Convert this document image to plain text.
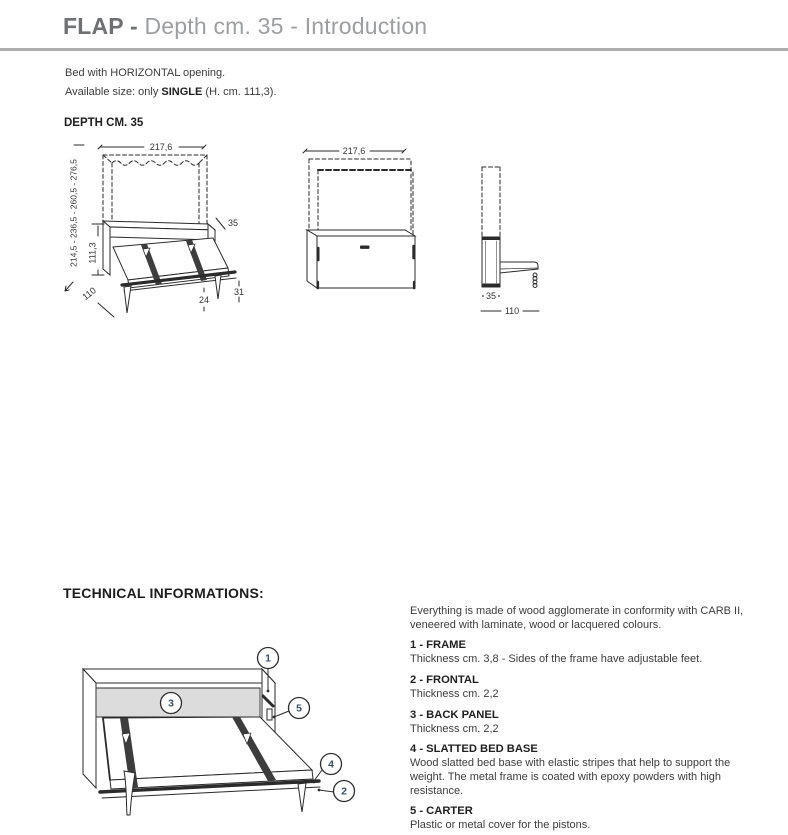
FLAP - Depth cm. 35 - Introduction
Bed with HORIZONTAL opening.
Available size: only SINGLE (H. cm. 111,3).
DEPTH CM. 35
217,6
35
31
24
111,3
214,5 - 236,5 - 260,5 - 276,5
110
217,6
35
110
TECHNICAL INFORMATIONS:
1
3	5
4
2
Everything is made of wood agglomerate in conformity with CARB II,
veneered with laminate, wood or lacquered colours.
1 - FRAME
Thickness cm. 3,8 - Sides of the frame have adjustable feet.
2 - FRONTAL
Thickness cm. 2,2
3 - BACK PANEL
Thickness cm. 2,2
4 - SLATTED BED BASE
Wood slatted bed base with elastic stripes that help to support the weight. The metal frame is coated with epoxy powders with high resistance.
5 - CARTER
Plastic or metal cover for the pistons.
